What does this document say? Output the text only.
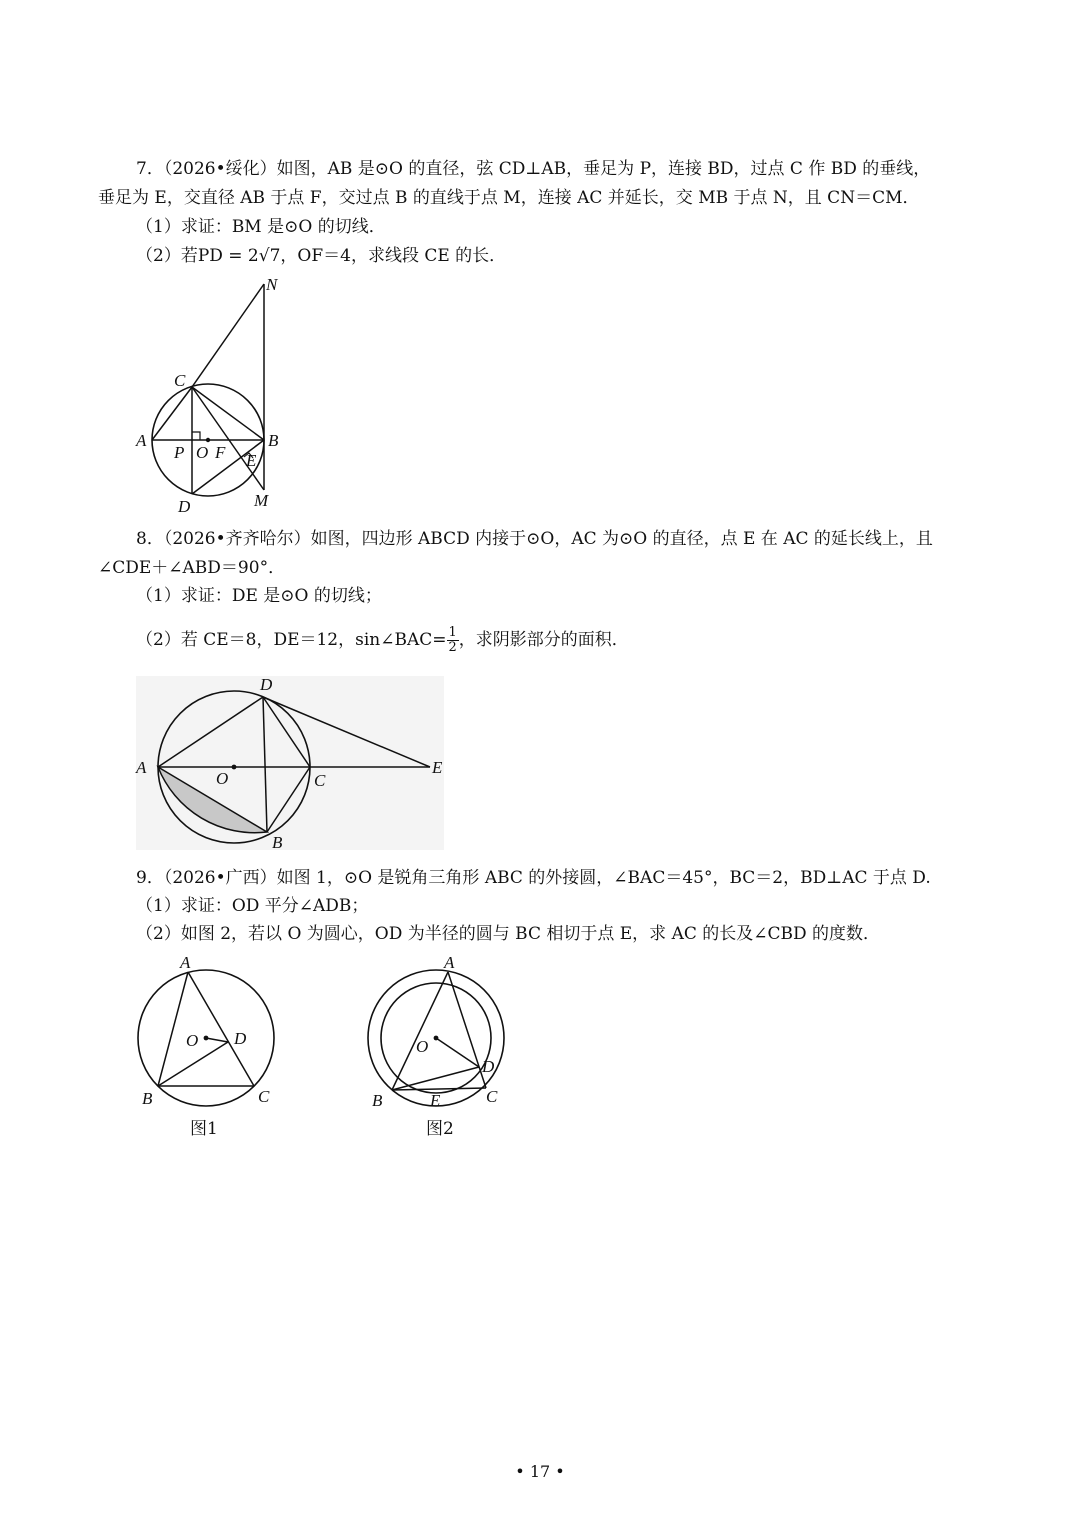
7．（2026•绥化）如图，AB 是⊙O 的直径，弦 CD⊥AB，垂足为 P，连接 BD，过点 C 作 BD 的垂线，
垂足为 E，交直径 AB 于点 F，交过点 B 的直线于点 M，连接 AC 并延长，交 MB 于点 N，且 CN＝CM．
（1）求证：BM 是⊙O 的切线．
（2）若PD = 2√7，OF＝4，求线段 CE 的长．
N
C
A	B
P O F E
D	M
8．（2026•齐齐哈尔）如图，四边形 ABCD 内接于⊙O，AC 为⊙O 的直径，点 E 在 AC 的延长线上，且
∠CDE＋∠ABD＝90°．
（1）求证：DE 是⊙O 的切线；
（2）若 CE＝8，DE＝12，sin∠BAC= $\frac{1}{2}$ ，求阴影部分的面积．
D
A
O	C
E
B
9．（2026•广西）如图 1，⊙O 是锐角三角形 ABC 的外接圆，∠BAC＝45°，BC＝2，BD⊥AC 于点 D.
（1）求证：OD 平分∠ADB；
（2）如图 2，若以 O 为圆心，OD 为半径的圆与 BC 相切于点 E，求 AC 的长及∠CBD 的度数．
A
O D
B	C
图1
A
O
D
B	E	C
图2
• 17 •
